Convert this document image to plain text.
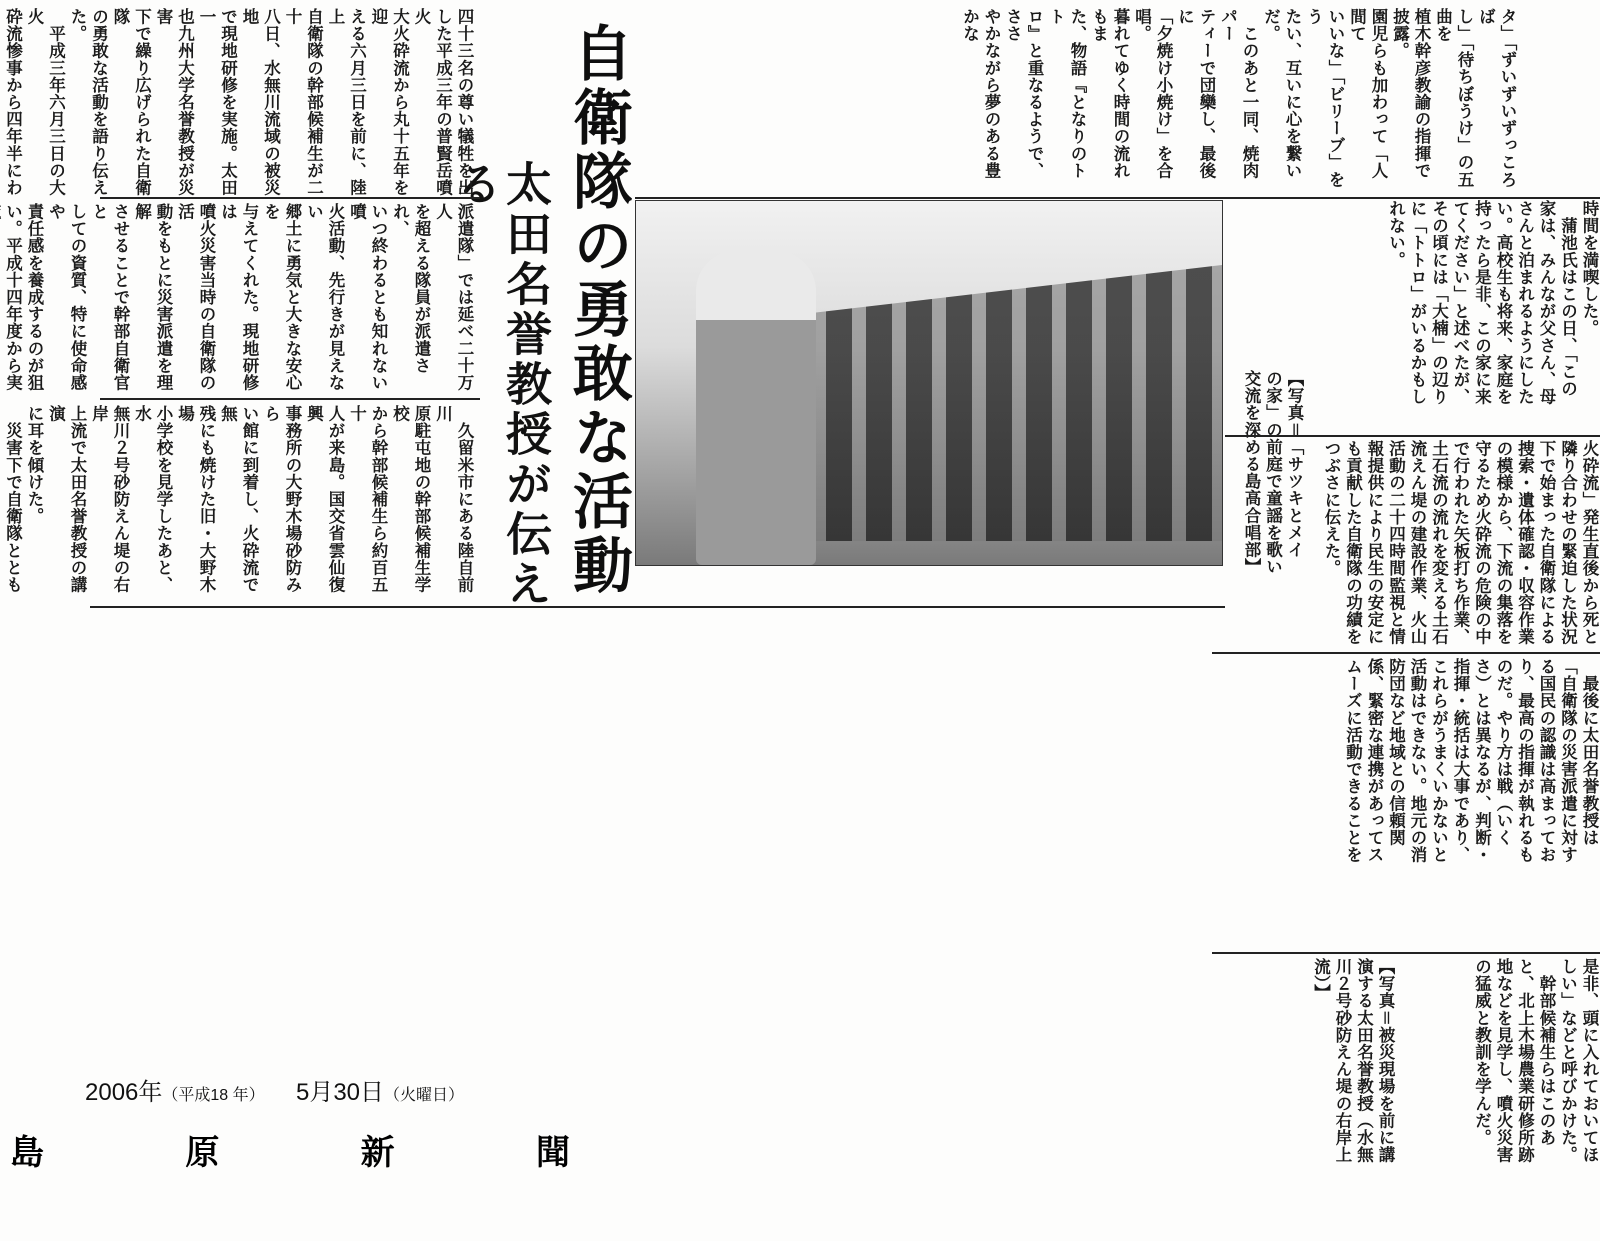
自衛隊の勇敢な活動
太田名誉教授が伝える
四十三名の尊い犠牲を出
した平成三年の普賢岳噴火
大火砕流から丸十五年を迎
える六月三日を前に、陸上
自衛隊の幹部候補生が二十
八日、水無川流域の被災地
で現地研修を実施。太田一
也九州大学名誉教授が災害
下で繰り広げられた自衛隊
の勇敢な活動を語り伝え
た。
　平成三年六月三日の大火
砕流惨事から四年半にわ

派遣隊」では延べ二十万人
を超える隊員が派遣され、
いつ終わるとも知れない噴
火活動、先行きが見えない
郷土に勇気と大きな安心を
与えてくれた。現地研修は
噴火災害当時の自衛隊の活
動をもとに災害派遣を理解
させることで幹部自衛官と
しての資質、特に使命感や
責任感を養成するのが狙
い。平成十四年度から実

　久留米市にある陸自前川
原駐屯地の幹部候補生学校
から幹部候補生ら約百五十
人が来島。国交省雲仙復興
事務所の大野木場砂防みら
い館に到着し、火砕流で無
残にも焼けた旧・大野木場
小学校を見学したあと、水
無川２号砂防えん堤の右岸
上流で太田名誉教授の講演
に耳を傾けた。
　災害下で自衛隊ととも

タ」「ずいずいずっころば
し」「待ちぼうけ」の五曲を
植木幹彦教諭の指揮で披露。
園児らも加わって「人間て
いいな」「ビリーブ」をう
たい、互いに心を繋いだ。
　このあと一同、焼肉パー
ティーで団欒し、最後に
「夕焼け小焼け」を合唱。
暮れてゆく時間の流れもま
た、物語『となりのトト
ロ』と重なるようで、ささ
やかながら夢のある豊かな
時間を満喫した。
　蒲池氏はこの日、「この
家は、みんなが父さん、母
さんと泊まれるようにした
い。高校生も将来、家庭を
持ったら是非、この家に来
てください」と述べたが、
その頃には「大楠」の辺り
に「トトロ」がいるかもし
れない。
【写真＝「サツキとメイ
の家」の前庭で童謡を歌い
交流を深める島高合唱部】	火砕流」発生直後から死と
隣り合わせの緊迫した状況
下で始まった自衛隊による
捜索・遺体確認・収容作業
の模様から、下流の集落を
守るため火砕流の危険の中
で行われた矢板打ち作業、
土石流の流れを変える土石
流えん堤の建設作業、火山
活動の二十四時間監視と情
報提供により民生の安定に
も貢献した自衛隊の功績を
つぶさに伝えた。
　最後に太田名誉教授は
「自衛隊の災害派遣に対す
る国民の認識は高まってお
り、最高の指揮が執れるも
のだ。やり方は戦（いく
さ）とは異なるが、判断・
指揮・統括は大事であり、
これらがうまくいかないと
活動はできない。地元の消
防団など地域との信頼関
係、緊密な連携があってス
ムーズに活動できることを
是非、頭に入れておいてほ
しい」などと呼びかけた。
　幹部候補生らはこのあ
と、北上木場農業研修所跡
地などを見学し、噴火災害
の猛威と教訓を学んだ。
【写真＝被災現場を前に講
演する太田名誉教授（水無
川２号砂防えん堤の右岸上
流）】
2006年（平成18 年） 5月30日（火曜日）
島	原	新	聞
